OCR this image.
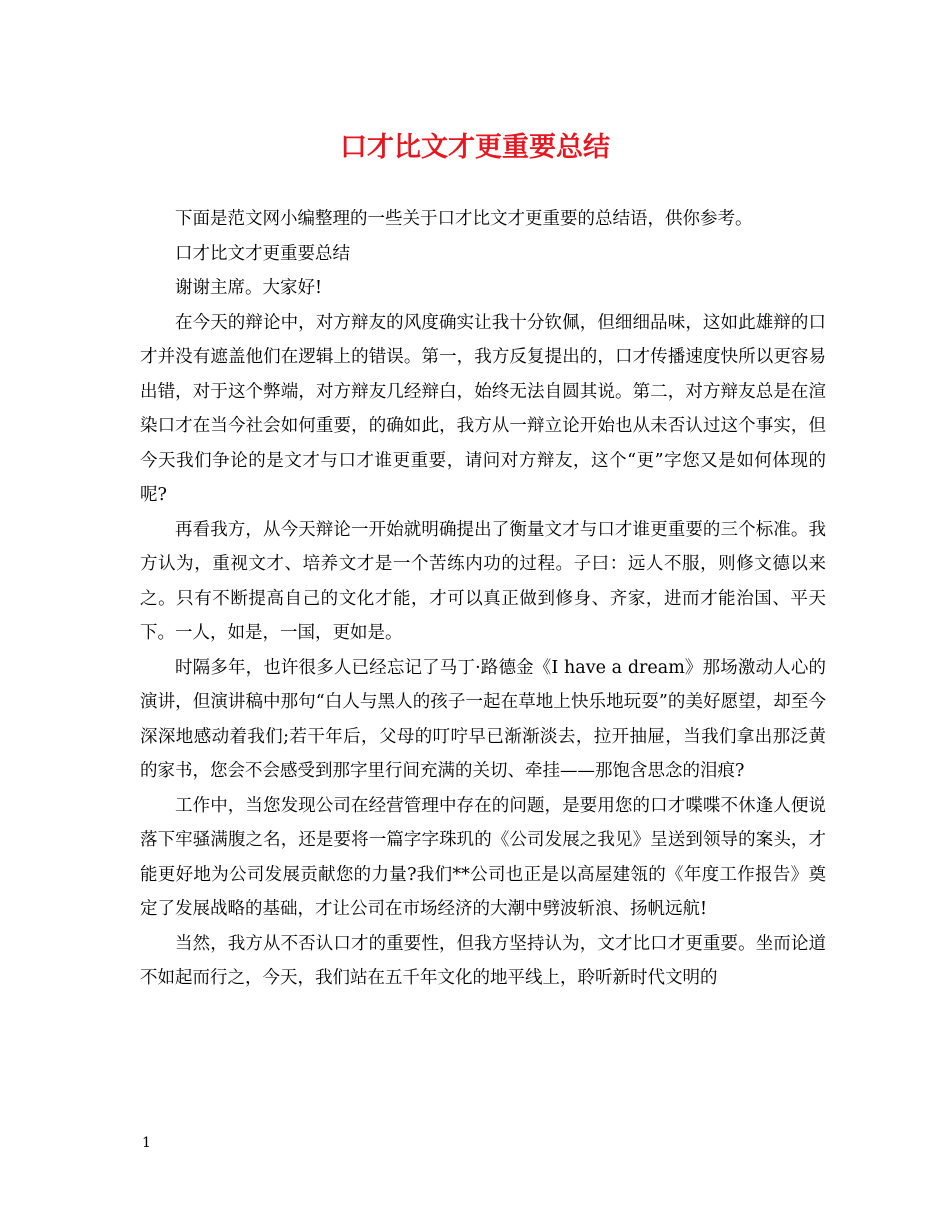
口才比文才更重要总结

下面是范文网小编整理的一些关于口才比文才更重要的总结语，供你参考。

口才比文才更重要总结

谢谢主席。大家好!

在今天的辩论中，对方辩友的风度确实让我十分钦佩，但细细品味，这如此雄辩的口才并没有遮盖他们在逻辑上的错误。第一，我方反复提出的，口才传播速度快所以更容易出错，对于这个弊端，对方辩友几经辩白，始终无法自圆其说。第二，对方辩友总是在渲染口才在当今社会如何重要，的确如此，我方从一辩立论开始也从未否认过这个事实，但今天我们争论的是文才与口才谁更重要，请问对方辩友，这个“更”字您又是如何体现的呢?

再看我方，从今天辩论一开始就明确提出了衡量文才与口才谁更重要的三个标准。我方认为，重视文才、培养文才是一个苦练内功的过程。子曰：远人不服，则修文德以来之。只有不断提高自己的文化才能，才可以真正做到修身、齐家，进而才能治国、平天下。一人，如是，一国，更如是。

时隔多年，也许很多人已经忘记了马丁·路德金《I have a dream》那场激动人心的演讲，但演讲稿中那句“白人与黑人的孩子一起在草地上快乐地玩耍”的美好愿望，却至今深深地感动着我们;若干年后，父母的叮咛早已渐渐淡去，拉开抽屉，当我们拿出那泛黄的家书，您会不会感受到那字里行间充满的关切、牵挂——那饱含思念的泪痕?

工作中，当您发现公司在经营管理中存在的问题，是要用您的口才喋喋不休逢人便说落下牢骚满腹之名，还是要将一篇字字珠玑的《公司发展之我见》呈送到领导的案头，才能更好地为公司发展贡献您的力量?我们**公司也正是以高屋建瓴的《年度工作报告》奠定了发展战略的基础，才让公司在市场经济的大潮中劈波斩浪、扬帆远航!

当然，我方从不否认口才的重要性，但我方坚持认为，文才比口才更重要。坐而论道不如起而行之，今天，我们站在五千年文化的地平线上，聆听新时代文明的

1
